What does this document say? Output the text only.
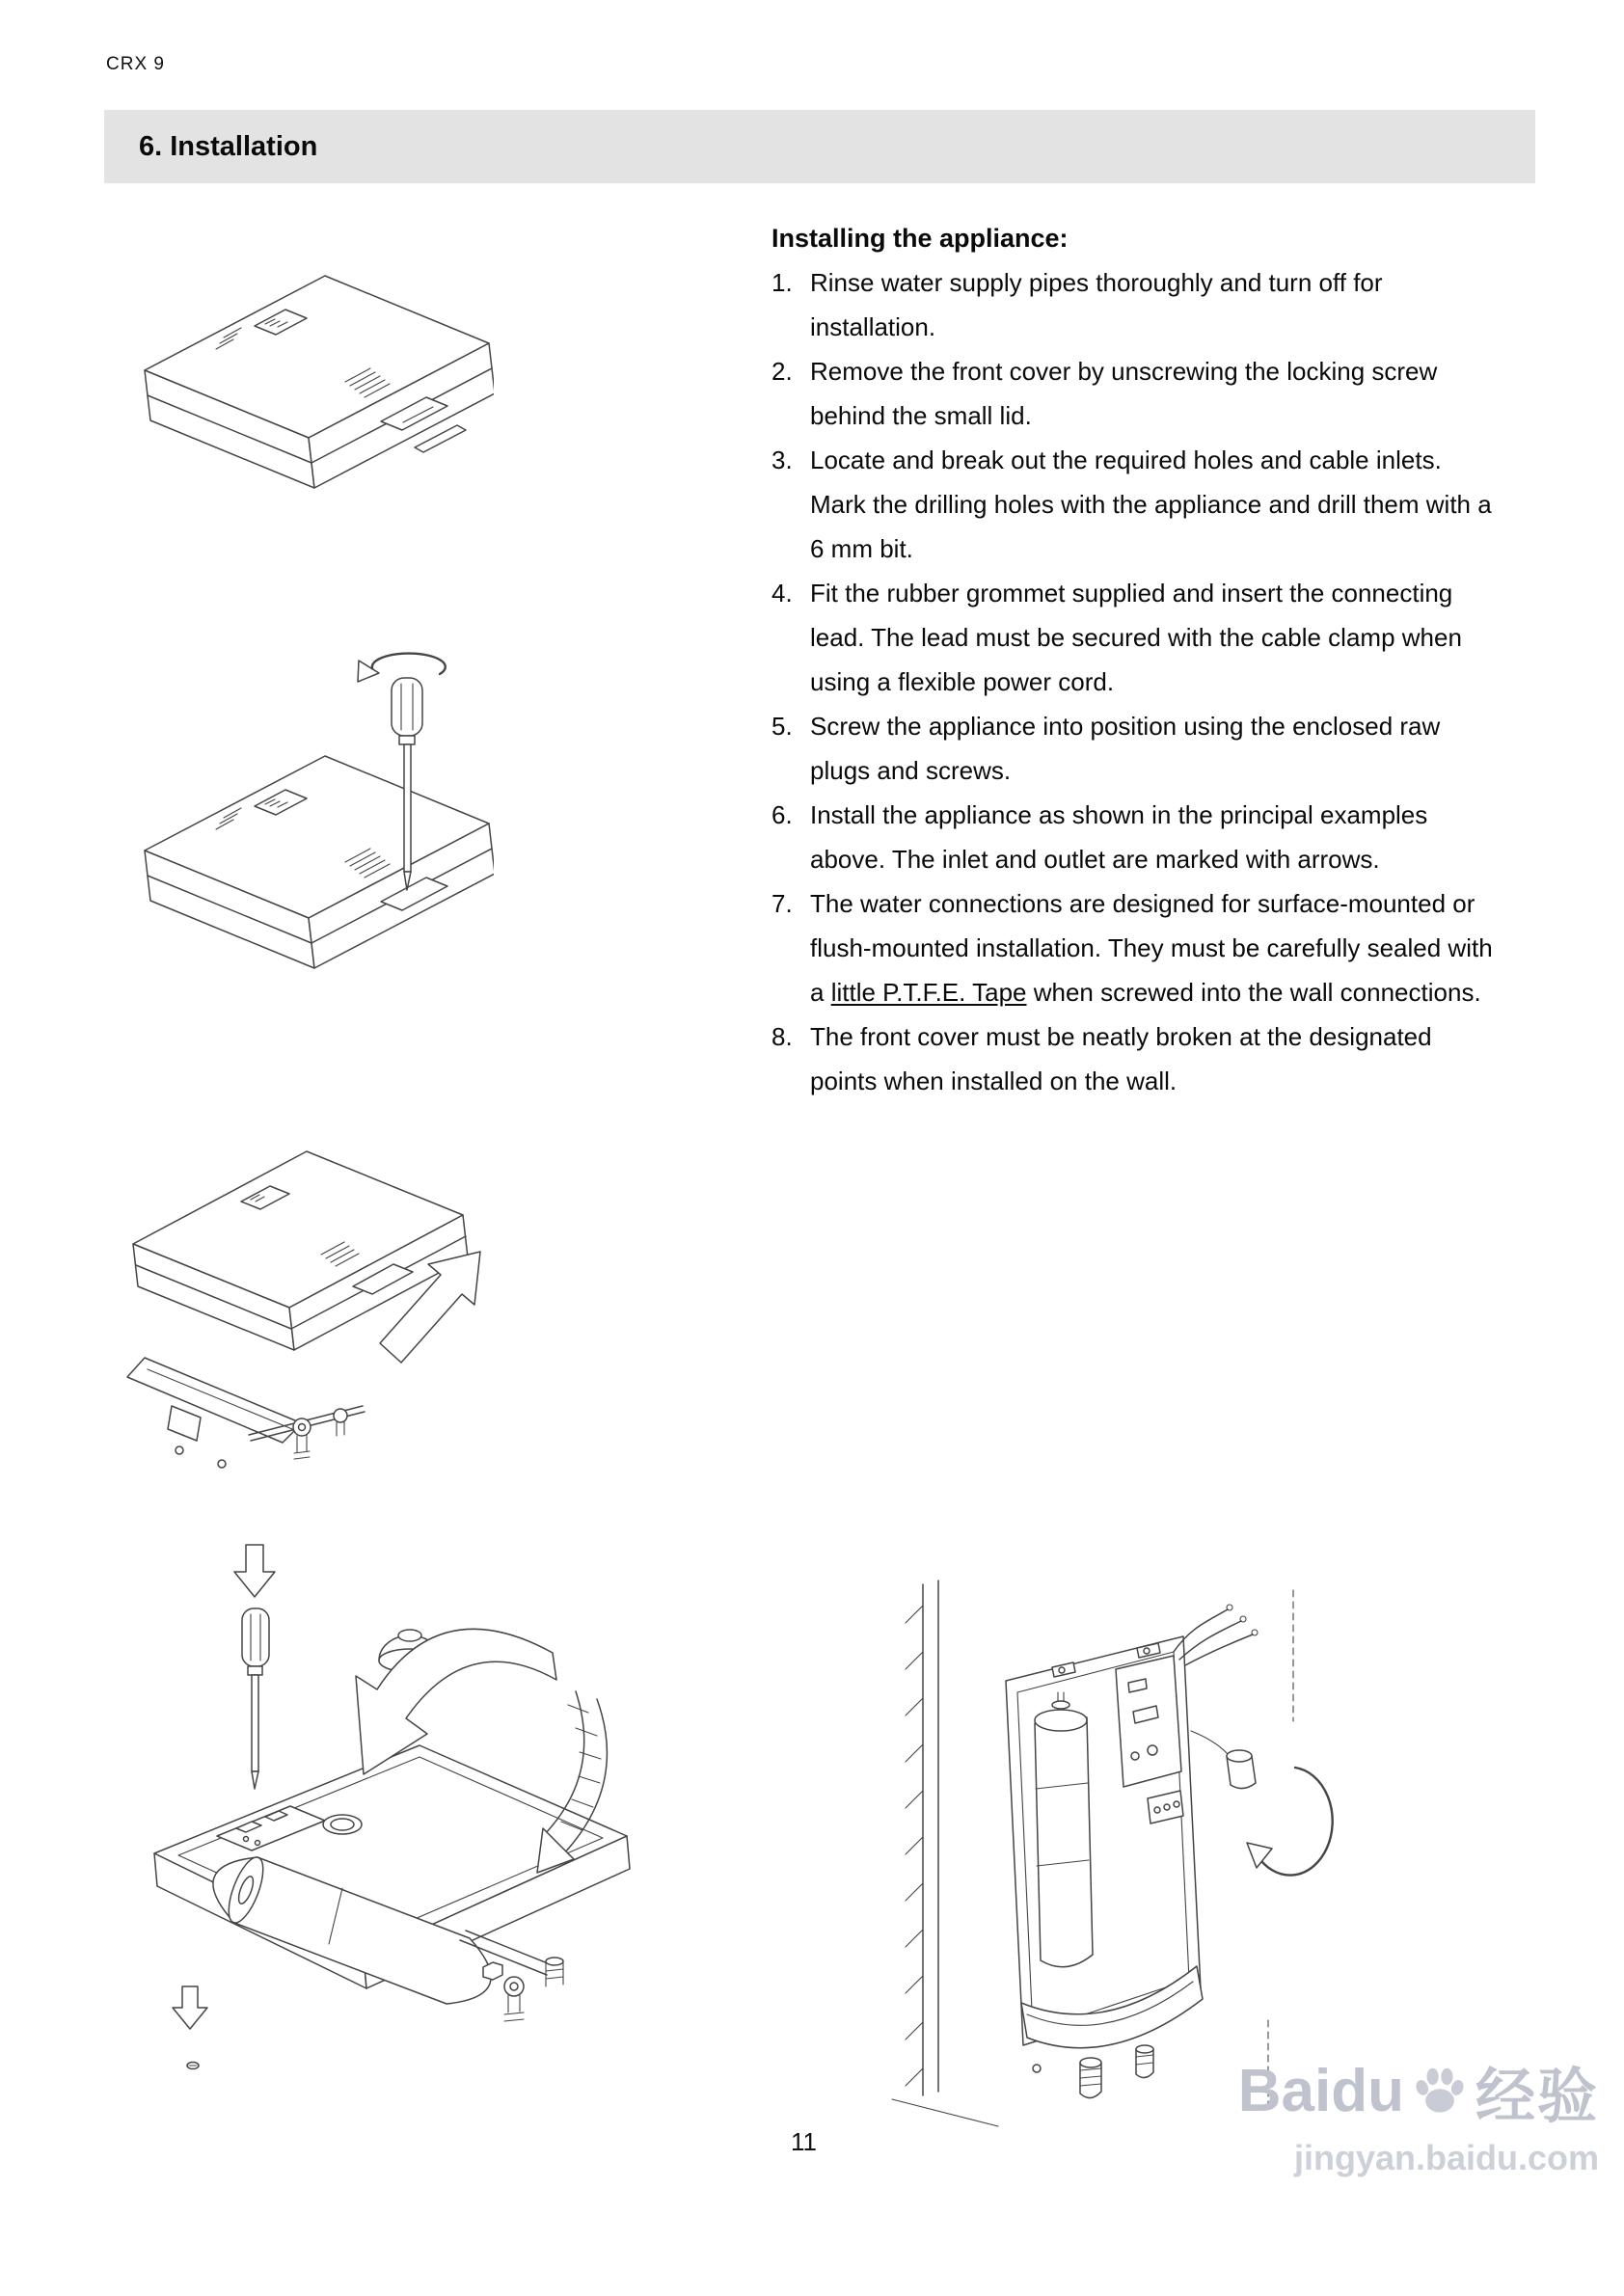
CRX 9
6. Installation
Installing the appliance:
1. Rinse water supply pipes thoroughly and turn off for installation.
2. Remove the front cover by unscrewing the locking screw behind the small lid.
3. Locate and break out the required holes and cable inlets. Mark the drilling holes with the appliance and drill them with a 6 mm bit.
4. Fit the rubber grommet supplied and insert the connecting lead. The lead must be secured with the cable clamp when using a flexible power cord.
5. Screw the appliance into position using the enclosed raw plugs and screws.
6. Install the appliance as shown in the principal examples above. The inlet and outlet are marked with arrows.
7. The water connections are designed for surface-mounted or flush-mounted installation. They must be carefully sealed with a little P.T.F.E. Tape when screwed into the wall connections.
8. The front cover must be neatly broken at the designated points when installed on the wall.
11
Baidu 经验
jingyan.baidu.com
